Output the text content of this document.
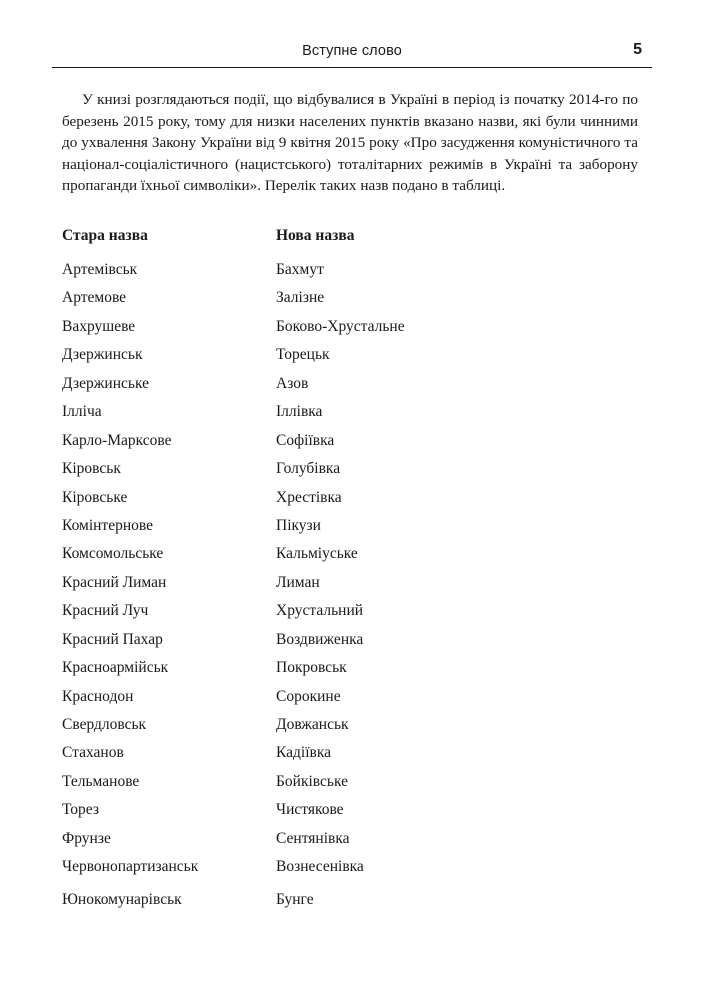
Вступне слово	5

У книзі розглядаються події, що відбувалися в Україні в період із початку 2014-го по березень 2015 року, тому для низки населених пунктів вказано назви, які були чинними до ухвалення Закону України від 9 квітня 2015 року «Про засудження комуністичного та націонал-соціалістичного (нацистського) тоталітарних режимів в Україні та заборону пропаганди їхньої символіки». Перелік таких назв подано в таблиці.

Стара назва	Нова назва
Артемівськ	Бахмут
Артемове	Залізне
Вахрушеве	Боково-Хрустальне
Дзержинськ	Торецьк
Дзержинське	Азов
Ілліча	Іллівка
Карло-Марксове	Софіївка
Кіровськ	Голубівка
Кіровське	Хрестівка
Комінтернове	Пікузи
Комсомольське	Кальміуське
Красний Лиман	Лиман
Красний Луч	Хрустальний
Красний Пахар	Воздвиженка
Красноармійськ	Покровськ
Краснодон	Сорокине
Свердловськ	Довжанськ
Стаханов	Кадіївка
Тельманове	Бойківське
Торез	Чистякове
Фрунзе	Сентянівка
Червонопартизанськ	Вознесенівка
Юнокомунарівськ	Бунге
